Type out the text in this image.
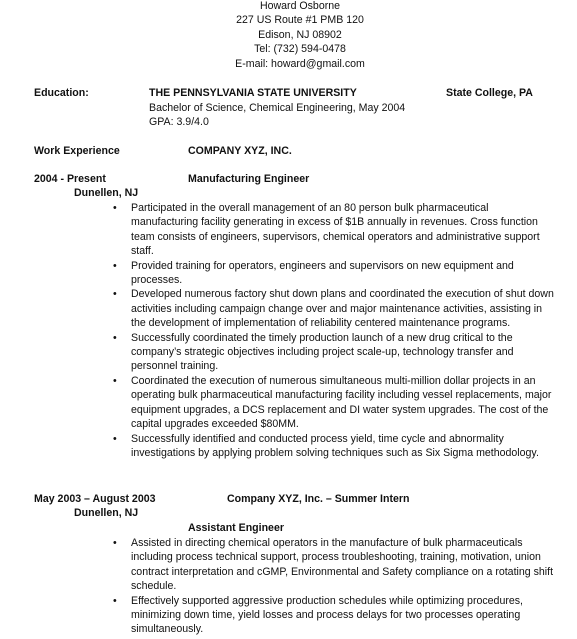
Howard Osborne
227 US Route #1 PMB 120
Edison, NJ 08902
Tel: (732) 594-0478
E-mail: howard@gmail.com
Education:	THE PENNSYLVANIA STATE UNIVERSITY	State College, PA
Bachelor of Science, Chemical Engineering, May 2004
GPA: 3.9/4.0
Work Experience	COMPANY XYZ, INC.
2004 - Present	Manufacturing Engineer
Dunellen, NJ
• Participated in the overall management of an 80 person bulk pharmaceutical manufacturing facility generating in excess of $1B annually in revenues. Cross function team consists of engineers, supervisors, chemical operators and administrative support staff.
• Provided training for operators, engineers and supervisors on new equipment and processes.
• Developed numerous factory shut down plans and coordinated the execution of shut down activities including campaign change over and major maintenance activities, assisting in the development of implementation of reliability centered maintenance programs.
• Successfully coordinated the timely production launch of a new drug critical to the company’s strategic objectives including project scale-up, technology transfer and personnel training.
• Coordinated the execution of numerous simultaneous multi-million dollar projects in an operating bulk pharmaceutical manufacturing facility including vessel replacements, major equipment upgrades, a DCS replacement and DI water system upgrades. The cost of the capital upgrades exceeded $80MM.
• Successfully identified and conducted process yield, time cycle and abnormality investigations by applying problem solving techniques such as Six Sigma methodology.
May 2003 – August 2003	Company XYZ, Inc. – Summer Intern
Dunellen, NJ
Assistant Engineer
• Assisted in directing chemical operators in the manufacture of bulk pharmaceuticals including process technical support, process troubleshooting, training, motivation, union contract interpretation and cGMP, Environmental and Safety compliance on a rotating shift schedule.
• Effectively supported aggressive production schedules while optimizing procedures, minimizing down time, yield losses and process delays for two processes operating simultaneously.
